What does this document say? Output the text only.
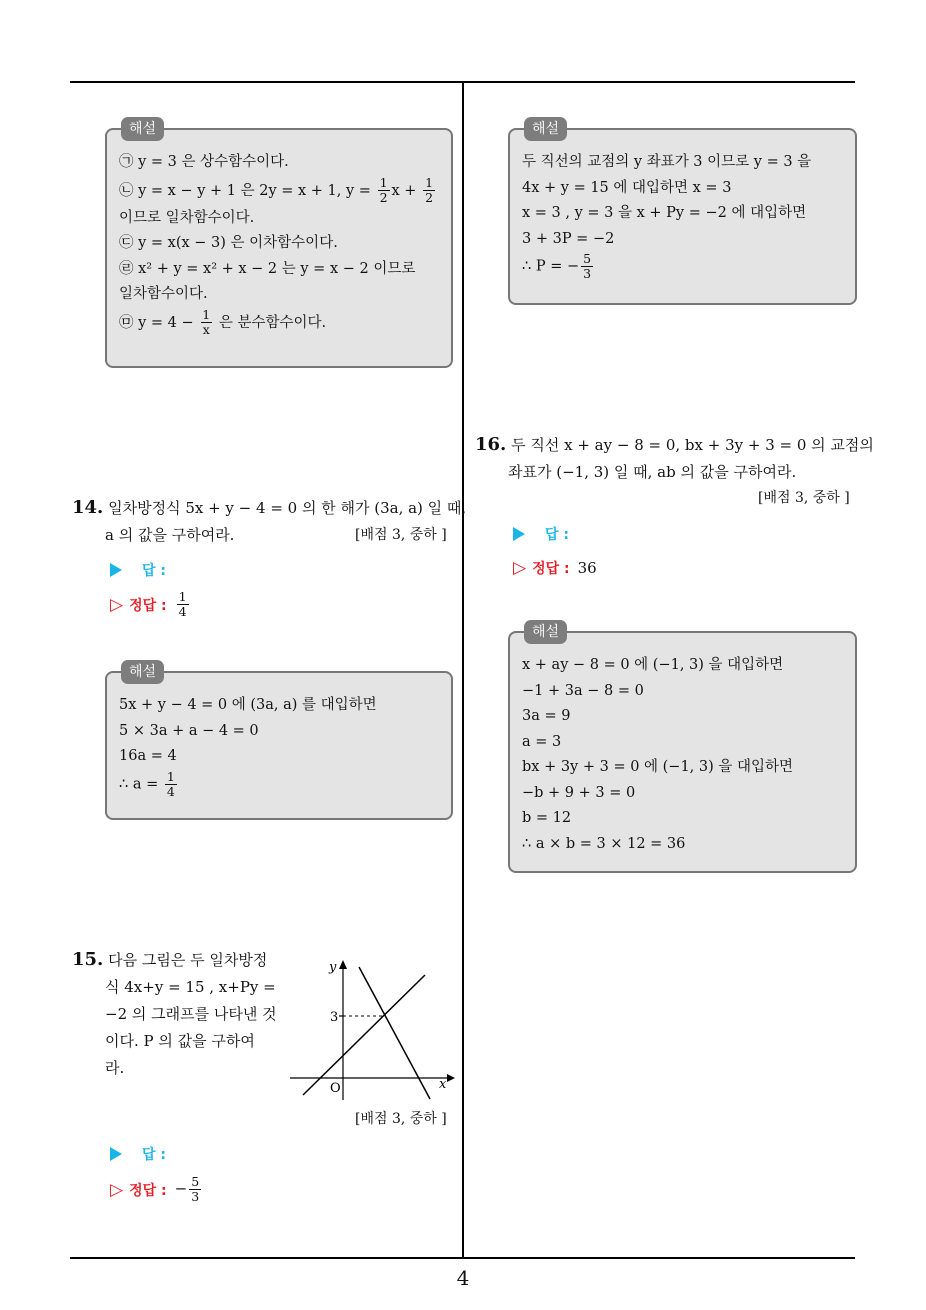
해설
㉠ y = 3 은 상수함수이다.
㉡ y = x − y + 1 은 2y = x + 1, $y = \frac{1}{2}$ $x + \frac{1}{2}$
이므로 일차함수이다.
㉢ y = x(x − 3) 은 이차함수이다.
㉣ x² + y = x² + x − 2 는 y = x − 2 이므로
일차함수이다.
㉤ $y = 4 - \frac{1}{x}$ 은 분수함수이다.
14. 일차방정식 5x + y − 4 = 0 의 한 해가 (3a, a) 일 때,
a 의 값을 구하여라.	[배점 3, 중하 ]
답 :
▷ 정답 : $\frac{1}{4}$
해설
5x + y − 4 = 0 에 (3a, a) 를 대입하면
5 × 3a + a − 4 = 0
16a = 4
∴ $a = \frac{1}{4}$
15. 다음 그림은 두 일차방정
식 4x+y = 15 , x+Py =
−2 의 그래프를 나타낸 것
이다. P 의 값을 구하여
라.
y
x
O
3
[배점 3, 중하 ]
답 :
▷ 정답 : − $\frac{5}{3}$
해설
두 직선의 교점의 y 좌표가 3 이므로 y = 3 을
4x + y = 15 에 대입하면 x = 3
x = 3 , y = 3 을 x + Py = −2 에 대입하면
3 + 3P = −2
∴ P = − $\frac{5}{3}$
16. 두 직선 x + ay − 8 = 0, bx + 3y + 3 = 0 의 교점의
좌표가 (−1, 3) 일 때, ab 의 값을 구하여라.
[배점 3, 중하 ]
답 :
▷ 정답 : 36
해설
x + ay − 8 = 0 에 (−1, 3) 을 대입하면
−1 + 3a − 8 = 0
3a = 9
a = 3
bx + 3y + 3 = 0 에 (−1, 3) 을 대입하면
−b + 9 + 3 = 0
b = 12
∴ a × b = 3 × 12 = 36
4
